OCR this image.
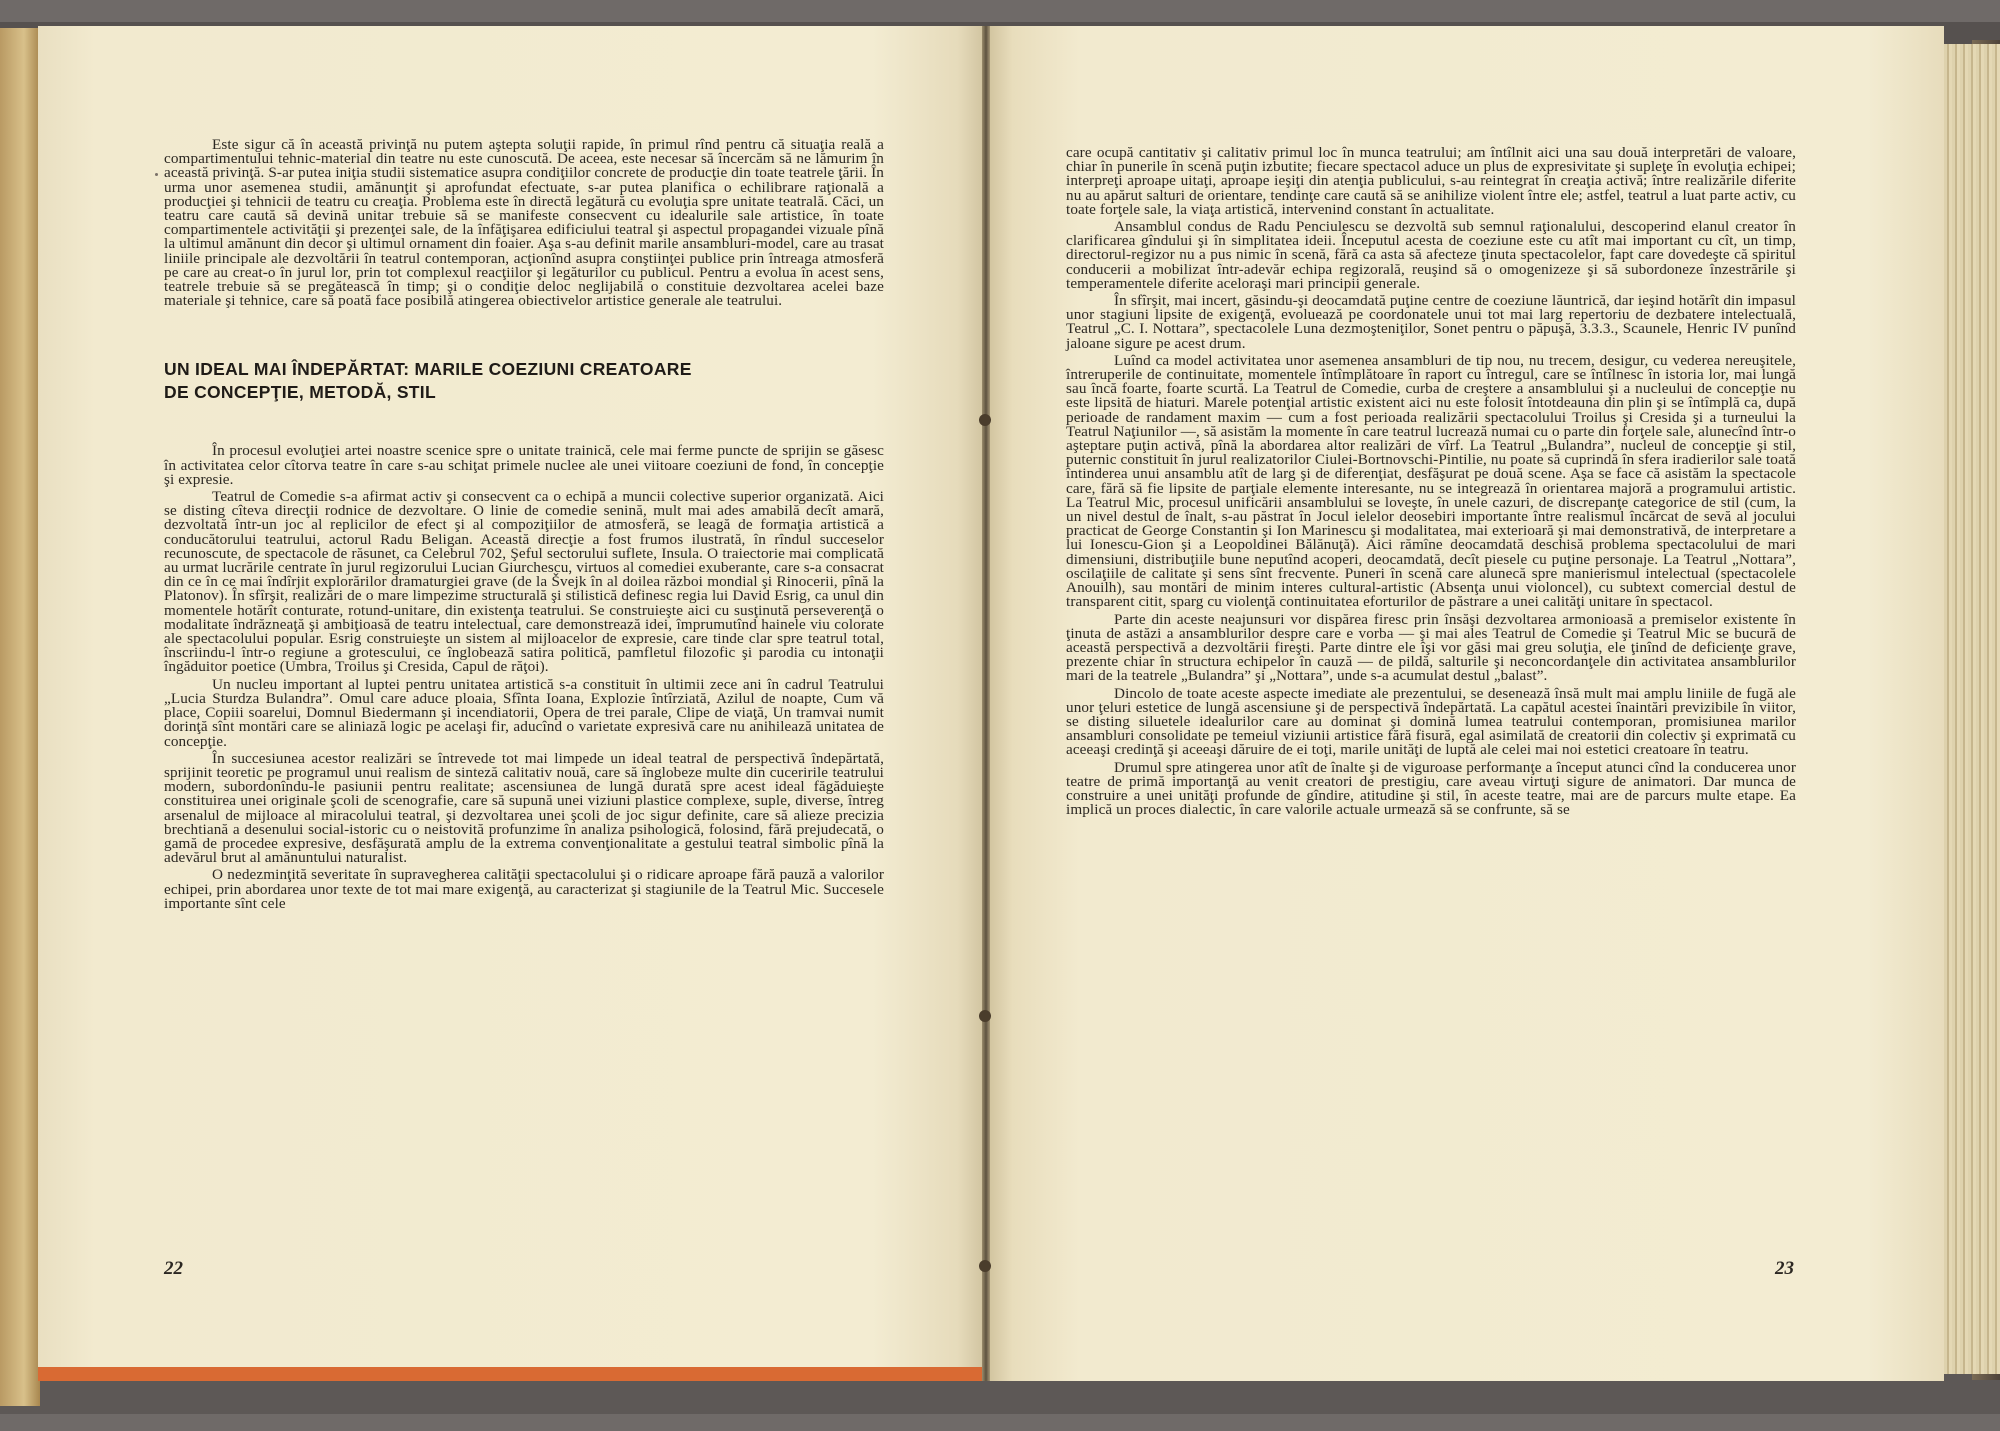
Este sigur că în această privinţă nu putem aştepta soluţii rapide, în primul rînd pentru că situaţia reală a compartimentului tehnic-material din teatre nu este cunoscută. De aceea, este necesar să încercăm să ne lămurim în această privinţă. S-ar putea iniţia studii sistematice asupra condiţiilor concrete de producţie din toate teatrele ţării. În urma unor asemenea studii, amănunţit şi aprofundat efectuate, s-ar putea planifica o echilibrare raţională a producţiei şi tehnicii de teatru cu creaţia. Problema este în directă legătură cu evoluţia spre unitate teatrală. Căci, un teatru care caută să devină unitar trebuie să se manifeste consecvent cu idealurile sale artistice, în toate compartimentele activităţii şi prezenţei sale, de la înfăţişarea edificiului teatral şi aspectul propagandei vizuale pînă la ultimul amănunt din decor şi ultimul ornament din foaier. Aşa s-au definit marile ansambluri-model, care au trasat liniile principale ale dezvoltării în teatrul contemporan, acţionînd asupra conştiinţei publice prin întreaga atmosferă pe care au creat-o în jurul lor, prin tot complexul reacţiilor şi legăturilor cu publicul. Pentru a evolua în acest sens, teatrele trebuie să se pregătească în timp; şi o condiţie deloc neglijabilă o constituie dezvoltarea acelei baze materiale şi tehnice, care să poată face posibilă atingerea obiectivelor artistice generale ale teatrului.

UN IDEAL MAI ÎNDEPĂRTAT: MARILE COEZIUNI CREATOARE
DE CONCEPŢIE, METODĂ, STIL

În procesul evoluţiei artei noastre scenice spre o unitate trainică, cele mai ferme puncte de sprijin se găsesc în activitatea celor cîtorva teatre în care s-au schiţat primele nuclee ale unei viitoare coeziuni de fond, în concepţie şi expresie.

Teatrul de Comedie s-a afirmat activ şi consecvent ca o echipă a muncii colective superior organizată. Aici se disting cîteva direcţii rodnice de dezvoltare. O linie de comedie senină, mult mai ades amabilă decît amară, dezvoltată într-un joc al replicilor de efect şi al compoziţiilor de atmosferă, se leagă de formaţia artistică a conducătorului teatrului, actorul Radu Beligan. Această direcţie a fost frumos ilustrată, în rîndul succeselor recunoscute, de spectacole de răsunet, ca Celebrul 702, Şeful sectorului suflete, Insula. O traiectorie mai complicată au urmat lucrările centrate în jurul regizorului Lucian Giurchescu, virtuos al comediei exuberante, care s-a consacrat din ce în ce mai îndîrjit explorărilor dramaturgiei grave (de la Švejk în al doilea război mondial şi Rinocerii, pînă la Platonov). În sfîrşit, realizări de o mare limpezime structurală şi stilistică definesc regia lui David Esrig, ca unul din momentele hotărît conturate, rotund-unitare, din existenţa teatrului. Se construieşte aici cu susţinută perseverenţă o modalitate îndrăzneaţă şi ambiţioasă de teatru intelectual, care demonstrează idei, împrumutînd hainele viu colorate ale spectacolului popular. Esrig construieşte un sistem al mijloacelor de expresie, care tinde clar spre teatrul total, înscriindu-l într-o regiune a grotescului, ce înglobează satira politică, pamfletul filozofic şi parodia cu intonaţii îngăduitor poetice (Umbra, Troilus şi Cresida, Capul de răţoi).

Un nucleu important al luptei pentru unitatea artistică s-a constituit în ultimii zece ani în cadrul Teatrului „Lucia Sturdza Bulandra”. Omul care aduce ploaia, Sfînta Ioana, Explozie întîrziată, Azilul de noapte, Cum vă place, Copiii soarelui, Domnul Biedermann şi incendiatorii, Opera de trei parale, Clipe de viaţă, Un tramvai numit dorinţă sînt montări care se aliniază logic pe acelaşi fir, aducînd o varietate expresivă care nu anihilează unitatea de concepţie.

În succesiunea acestor realizări se întrevede tot mai limpede un ideal teatral de perspectivă îndepărtată, sprijinit teoretic pe programul unui realism de sinteză calitativ nouă, care să înglobeze multe din cuceririle teatrului modern, subordonîndu-le pasiunii pentru realitate; ascensiunea de lungă durată spre acest ideal făgăduieşte constituirea unei originale şcoli de scenografie, care să supună unei viziuni plastice complexe, suple, diverse, întreg arsenalul de mijloace al miracolului teatral, şi dezvoltarea unei şcoli de joc sigur definite, care să alieze precizia brechtiană a desenului social-istoric cu o neistovită profunzime în analiza psihologică, folosind, fără prejudecată, o gamă de procedee expresive, desfăşurată amplu de la extrema convenţionalitate a gestului teatral simbolic pînă la adevărul brut al amănuntului naturalist.

O nedezminţită severitate în supravegherea calităţii spectacolului şi o ridicare aproape fără pauză a valorilor echipei, prin abordarea unor texte de tot mai mare exigenţă, au caracterizat şi stagiunile de la Teatrul Mic. Succesele importante sînt cele

care ocupă cantitativ şi calitativ primul loc în munca teatrului; am întîlnit aici una sau două interpretări de valoare, chiar în punerile în scenă puţin izbutite; fiecare spectacol aduce un plus de expresivitate şi supleţe în evoluţia echipei; interpreţi aproape uitaţi, aproape ieşiţi din atenţia publicului, s-au reintegrat în creaţia activă; între realizările diferite nu au apărut salturi de orientare, tendinţe care caută să se anihilize violent între ele; astfel, teatrul a luat parte activ, cu toate forţele sale, la viaţa artistică, intervenind constant în actualitate.

Ansamblul condus de Radu Penciulescu se dezvoltă sub semnul raţionalului, descoperind elanul creator în clarificarea gîndului şi în simplitatea ideii. Începutul acesta de coeziune este cu atît mai important cu cît, un timp, directorul-regizor nu a pus nimic în scenă, fără ca asta să afecteze ţinuta spectacolelor, fapt care dovedeşte că spiritul conducerii a mobilizat într-adevăr echipa regizorală, reuşind să o omogenizeze şi să subordoneze înzestrările şi temperamentele diferite aceloraşi mari principii generale.

În sfîrşit, mai incert, găsindu-şi deocamdată puţine centre de coeziune lăuntrică, dar ieşind hotărît din impasul unor stagiuni lipsite de exigenţă, evoluează pe coordonatele unui tot mai larg repertoriu de dezbatere intelectuală, Teatrul „C. I. Nottara”, spectacolele Luna dezmoşteniţilor, Sonet pentru o păpuşă, 3.3.3., Scaunele, Henric IV punînd jaloane sigure pe acest drum.

Luînd ca model activitatea unor asemenea ansambluri de tip nou, nu trecem, desigur, cu vederea nereuşitele, întreruperile de continuitate, momentele întîmplătoare în raport cu întregul, care se întîlnesc în istoria lor, mai lungă sau încă foarte, foarte scurtă. La Teatrul de Comedie, curba de creştere a ansamblului şi a nucleului de concepţie nu este lipsită de hiaturi. Marele potenţial artistic existent aici nu este folosit întotdeauna din plin şi se întîmplă ca, după perioade de randament maxim — cum a fost perioada realizării spectacolului Troilus şi Cresida şi a turneului la Teatrul Naţiunilor —, să asistăm la momente în care teatrul lucrează numai cu o parte din forţele sale, alunecînd într-o aşteptare puţin activă, pînă la abordarea altor realizări de vîrf. La Teatrul „Bulandra”, nucleul de concepţie şi stil, puternic constituit în jurul realizatorilor Ciulei-Bortnovschi-Pintilie, nu poate să cuprindă în sfera iradierilor sale toată întinderea unui ansamblu atît de larg şi de diferenţiat, desfăşurat pe două scene. Aşa se face că asistăm la spectacole care, fără să fie lipsite de parţiale elemente interesante, nu se integrează în orientarea majoră a programului artistic. La Teatrul Mic, procesul unificării ansamblului se loveşte, în unele cazuri, de discrepanţe categorice de stil (cum, la un nivel destul de înalt, s-au păstrat în Jocul ielelor deosebiri importante între realismul încărcat de sevă al jocului practicat de George Constantin şi Ion Marinescu şi modalitatea, mai exterioară şi mai demonstrativă, de interpretare a lui Ionescu-Gion şi a Leopoldinei Bălănuţă). Aici rămîne deocamdată deschisă problema spectacolului de mari dimensiuni, distribuţiile bune neputînd acoperi, deocamdată, decît piesele cu puţine personaje. La Teatrul „Nottara”, oscilaţiile de calitate şi sens sînt frecvente. Puneri în scenă care alunecă spre manierismul intelectual (spectacolele Anouilh), sau montări de minim interes cultural-artistic (Absenţa unui violoncel), cu subtext comercial destul de transparent citit, sparg cu violenţă continuitatea eforturilor de păstrare a unei calităţi unitare în spectacol.

Parte din aceste neajunsuri vor dispărea firesc prin însăşi dezvoltarea armonioasă a premiselor existente în ţinuta de astăzi a ansamblurilor despre care e vorba — şi mai ales Teatrul de Comedie şi Teatrul Mic se bucură de această perspectivă a dezvoltării fireşti. Parte dintre ele îşi vor găsi mai greu soluţia, ele ţinînd de deficienţe grave, prezente chiar în structura echipelor în cauză — de pildă, salturile şi neconcordanţele din activitatea ansamblurilor mari de la teatrele „Bulandra” şi „Nottara”, unde s-a acumulat destul „balast”.

Dincolo de toate aceste aspecte imediate ale prezentului, se desenează însă mult mai amplu liniile de fugă ale unor ţeluri estetice de lungă ascensiune şi de perspectivă îndepărtată. La capătul acestei înaintări previzibile în viitor, se disting siluetele idealurilor care au dominat şi domină lumea teatrului contemporan, promisiunea marilor ansambluri consolidate pe temeiul viziunii artistice fără fisură, egal asimilată de creatorii din colectiv şi exprimată cu aceeaşi credinţă şi aceeaşi dăruire de ei toţi, marile unităţi de luptă ale celei mai noi estetici creatoare în teatru.

Drumul spre atingerea unor atît de înalte şi de viguroase performanţe a început atunci cînd la conducerea unor teatre de primă importanţă au venit creatori de prestigiu, care aveau virtuţi sigure de animatori. Dar munca de construire a unei unităţi profunde de gîndire, atitudine şi stil, în aceste teatre, mai are de parcurs multe etape. Ea implică un proces dialectic, în care valorile actuale urmează să se confrunte, să se

22	23
